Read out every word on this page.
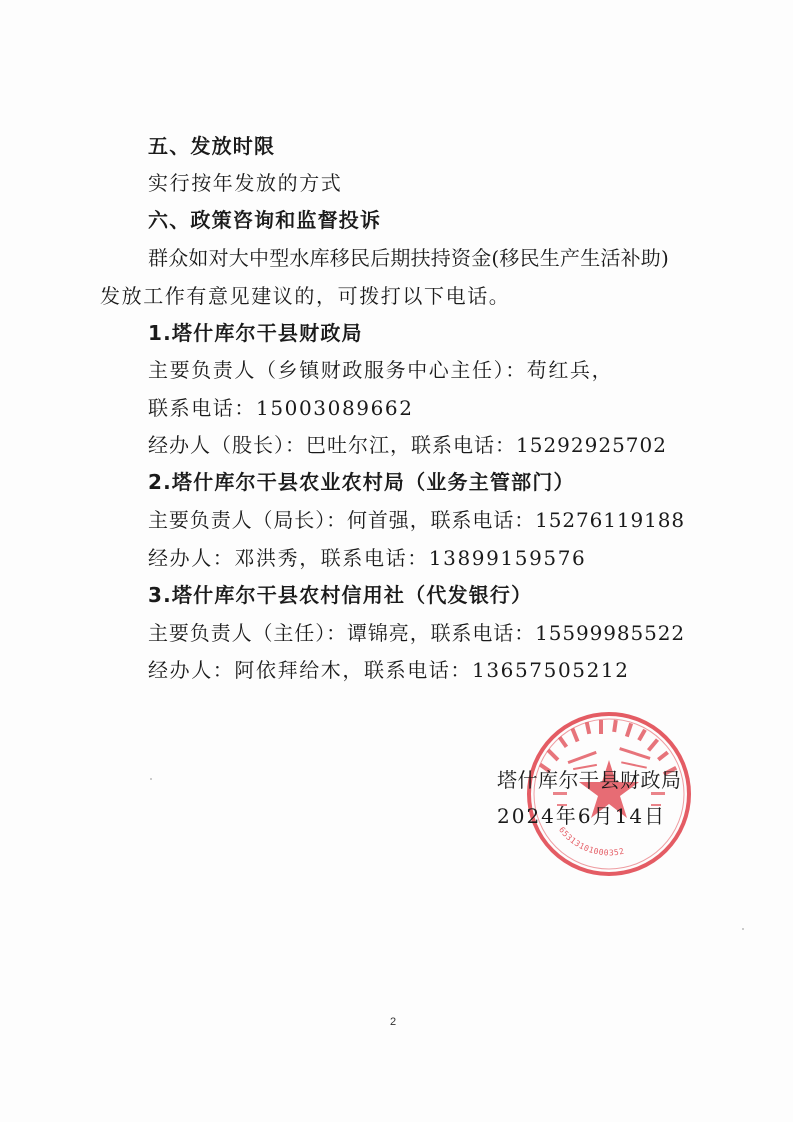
五、发放时限
实行按年发放的方式
六、政策咨询和监督投诉
群众如对大中型水库移民后期扶持资金(移民生产生活补助)
发放工作有意见建议的，可拨打以下电话。
1.塔什库尔干县财政局
主要负责人（乡镇财政服务中心主任）：苟红兵，
联系电话：15003089662
经办人（股长）：巴吐尔江，联系电话：15292925702
2.塔什库尔干县农业农村局（业务主管部门）
主要负责人（局长）：何首强，联系电话：15276119188
经办人：邓洪秀，联系电话：13899159576
3.塔什库尔干县农村信用社（代发银行）
主要负责人（主任）：谭锦亮，联系电话：15599985522
经办人：阿依拜给木，联系电话：13657505212
65313101000352
塔什库尔干县财政局
2024年6月14日
2
